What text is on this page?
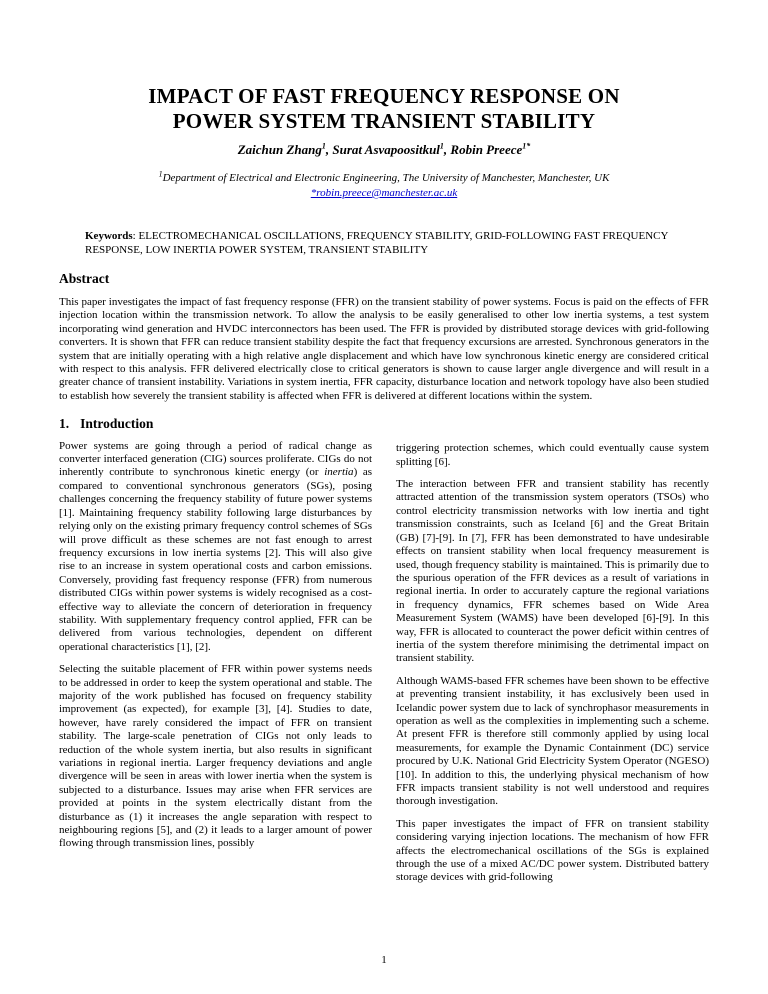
IMPACT OF FAST FREQUENCY RESPONSE ON
POWER SYSTEM TRANSIENT STABILITY
Zaichun Zhang$^1$, Surat Asvapoositkul$^1$, Robin Preece$^{1*}$
$^1$Department of Electrical and Electronic Engineering, The University of Manchester, Manchester, UK
*robin.preece@manchester.ac.uk

Keywords: ELECTROMECHANICAL OSCILLATIONS, FREQUENCY STABILITY, GRID-FOLLOWING FAST FREQUENCY RESPONSE, LOW INERTIA POWER SYSTEM, TRANSIENT STABILITY

Abstract

This paper investigates the impact of fast frequency response (FFR) on the transient stability of power systems. Focus is paid on the effects of FFR injection location within the transmission network. To allow the analysis to be easily generalised to other low inertia systems, a test system incorporating wind generation and HVDC interconnectors has been used. The FFR is provided by distributed storage devices with grid-following converters. It is shown that FFR can reduce transient stability despite the fact that frequency excursions are arrested. Synchronous generators in the system that are initially operating with a high relative angle displacement and which have low synchronous kinetic energy are considered critical with respect to this analysis. FFR delivered electrically close to critical generators is shown to cause larger angle divergence and will result in a greater chance of transient instability. Variations in system inertia, FFR capacity, disturbance location and network topology have also been studied to establish how severely the transient stability is affected when FFR is delivered at different locations within the system.

1. Introduction

Power systems are going through a period of radical change as converter interfaced generation (CIG) sources proliferate. CIGs do not inherently contribute to synchronous kinetic energy (or inertia) as compared to conventional synchronous generators (SGs), posing challenges concerning the frequency stability of future power systems [1]. Maintaining frequency stability following large disturbances by relying only on the existing primary frequency control schemes of SGs will prove difficult as these schemes are not fast enough to arrest frequency excursions in low inertia systems [2]. This will also give rise to an increase in system operational costs and carbon emissions. Conversely, providing fast frequency response (FFR) from numerous distributed CIGs within power systems is widely recognised as a cost-effective way to alleviate the concern of deterioration in frequency stability. With supplementary frequency control applied, FFR can be delivered from various technologies, dependent on different operational characteristics [1], [2].

Selecting the suitable placement of FFR within power systems needs to be addressed in order to keep the system operational and stable. The majority of the work published has focused on frequency stability improvement (as expected), for example [3], [4]. Studies to date, however, have rarely considered the impact of FFR on transient stability. The large-scale penetration of CIGs not only leads to reduction of the whole system inertia, but also results in significant variations in regional inertia. Larger frequency deviations and angle divergence will be seen in areas with lower inertia when the system is subjected to a disturbance. Issues may arise when FFR services are provided at points in the system electrically distant from the disturbance as (1) it increases the angle separation with respect to neighbouring regions [5], and (2) it leads to a larger amount of power flowing through transmission lines, possibly

triggering protection schemes, which could eventually cause system splitting [6].

The interaction between FFR and transient stability has recently attracted attention of the transmission system operators (TSOs) who control electricity transmission networks with low inertia and tight transmission constraints, such as Iceland [6] and the Great Britain (GB) [7]-[9]. In [7], FFR has been demonstrated to have undesirable effects on transient stability when local frequency measurement is used, though frequency stability is maintained. This is primarily due to the spurious operation of the FFR devices as a result of variations in regional inertia. In order to accurately capture the regional variations in frequency dynamics, FFR schemes based on Wide Area Measurement System (WAMS) have been developed [6]-[9]. In this way, FFR is allocated to counteract the power deficit within centres of inertia of the system therefore minimising the detrimental impact on transient stability.

Although WAMS-based FFR schemes have been shown to be effective at preventing transient instability, it has exclusively been used in Icelandic power system due to lack of synchrophasor measurements in operation as well as the complexities in implementing such a scheme. At present FFR is therefore still commonly applied by using local measurements, for example the Dynamic Containment (DC) service procured by U.K. National Grid Electricity System Operator (NGESO) [10]. In addition to this, the underlying physical mechanism of how FFR impacts transient stability is not well understood and requires thorough investigation.

This paper investigates the impact of FFR on transient stability considering varying injection locations. The mechanism of how FFR affects the electromechanical oscillations of the SGs is explained through the use of a mixed AC/DC power system. Distributed battery storage devices with grid-following

1
